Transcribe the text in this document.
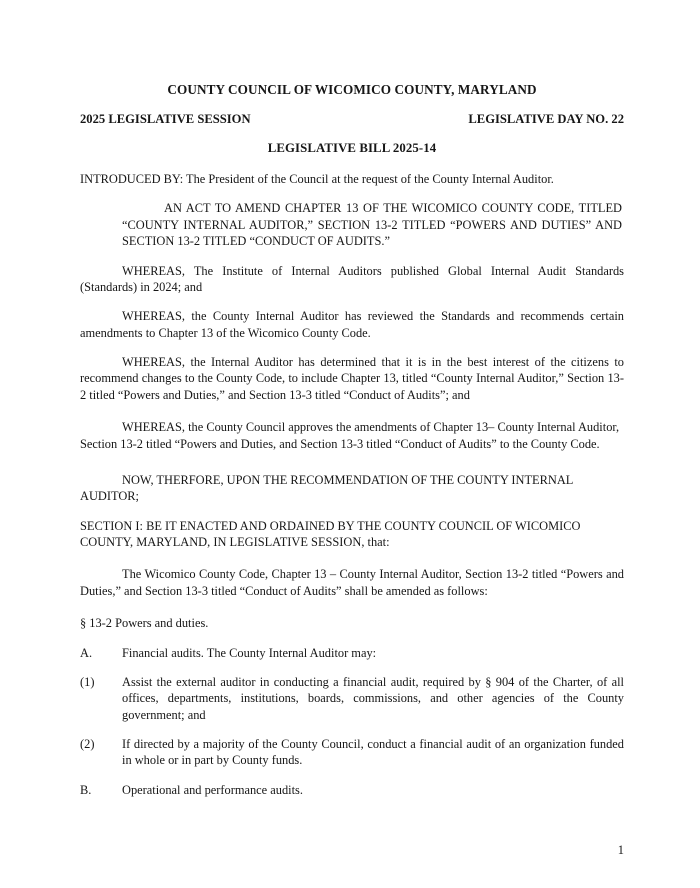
COUNTY COUNCIL OF WICOMICO COUNTY, MARYLAND
2025 LEGISLATIVE SESSION	LEGISLATIVE DAY NO. 22
LEGISLATIVE BILL 2025-14

INTRODUCED BY: The President of the Council at the request of the County Internal Auditor.

AN ACT TO AMEND CHAPTER 13 OF THE WICOMICO COUNTY CODE, TITLED “COUNTY INTERNAL AUDITOR,” SECTION 13-2 TITLED “POWERS AND DUTIES” AND SECTION 13-2 TITLED “CONDUCT OF AUDITS.”

WHEREAS, The Institute of Internal Auditors published Global Internal Audit Standards (Standards) in 2024; and

WHEREAS, the County Internal Auditor has reviewed the Standards and recommends certain amendments to Chapter 13 of the Wicomico County Code.

WHEREAS, the Internal Auditor has determined that it is in the best interest of the citizens to recommend changes to the County Code, to include Chapter 13, titled “County Internal Auditor,” Section 13-2 titled “Powers and Duties,” and Section 13-3 titled “Conduct of Audits”; and

WHEREAS, the County Council approves the amendments of Chapter 13– County Internal Auditor, Section 13-2 titled “Powers and Duties, and Section 13-3 titled “Conduct of Audits” to the County Code.

NOW, THERFORE, UPON THE RECOMMENDATION OF THE COUNTY INTERNAL AUDITOR;

SECTION I: BE IT ENACTED AND ORDAINED BY THE COUNTY COUNCIL OF WICOMICO COUNTY, MARYLAND, IN LEGISLATIVE SESSION, that:

The Wicomico County Code, Chapter 13 – County Internal Auditor, Section 13-2 titled “Powers and Duties,” and Section 13-3 titled “Conduct of Audits” shall be amended as follows:

§ 13-2 Powers and duties.

A.	Financial audits. The County Internal Auditor may:
(1)	Assist the external auditor in conducting a financial audit, required by § 904 of the Charter, of all offices, departments, institutions, boards, commissions, and other agencies of the County government; and
(2)	If directed by a majority of the County Council, conduct a financial audit of an organization funded in whole or in part by County funds.
B.	Operational and performance audits.
1
